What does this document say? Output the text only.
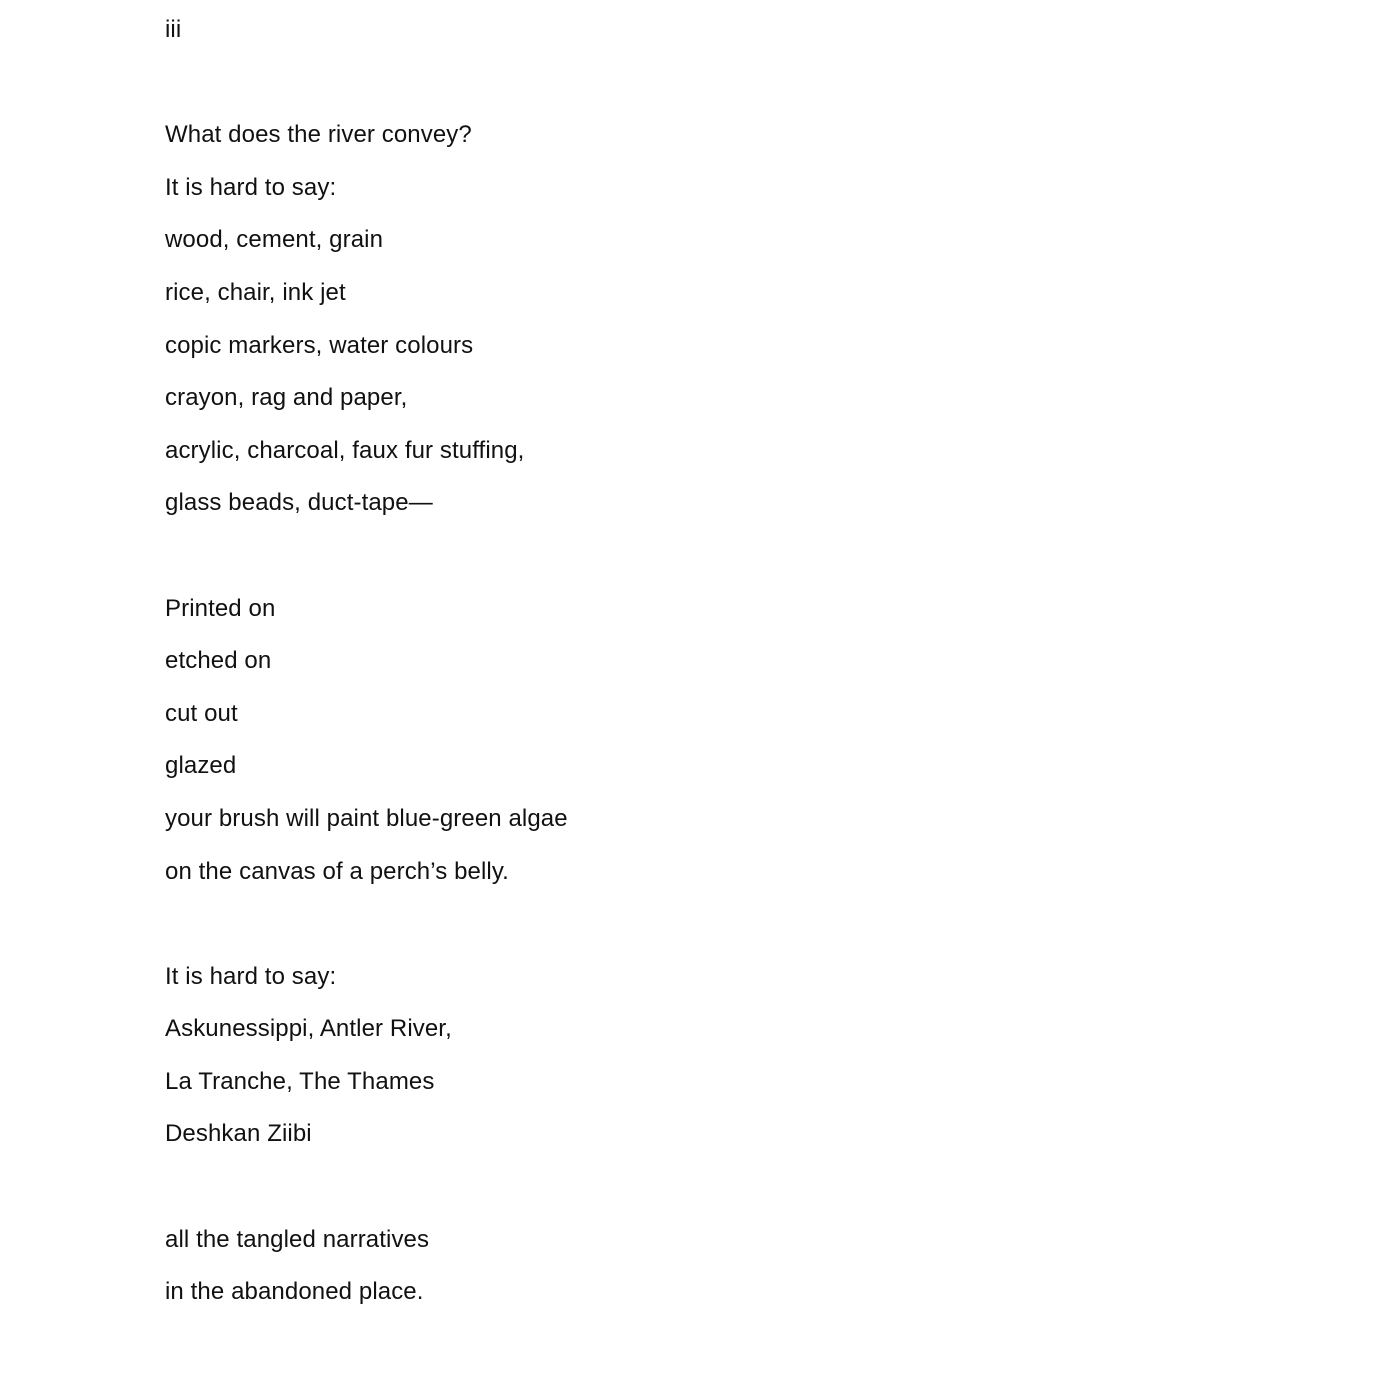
iii
What does the river convey?
It is hard to say:
wood, cement, grain
rice, chair, ink jet
copic markers, water colours
crayon, rag and paper,
acrylic, charcoal, faux fur stuffing,
glass beads, duct-tape—
Printed on
etched on
cut out
glazed
your brush will paint blue-green algae
on the canvas of a perch’s belly.
It is hard to say:
Askunessippi, Antler River,
La Tranche, The Thames
Deshkan Ziibi
all the tangled narratives
in the abandoned place.
